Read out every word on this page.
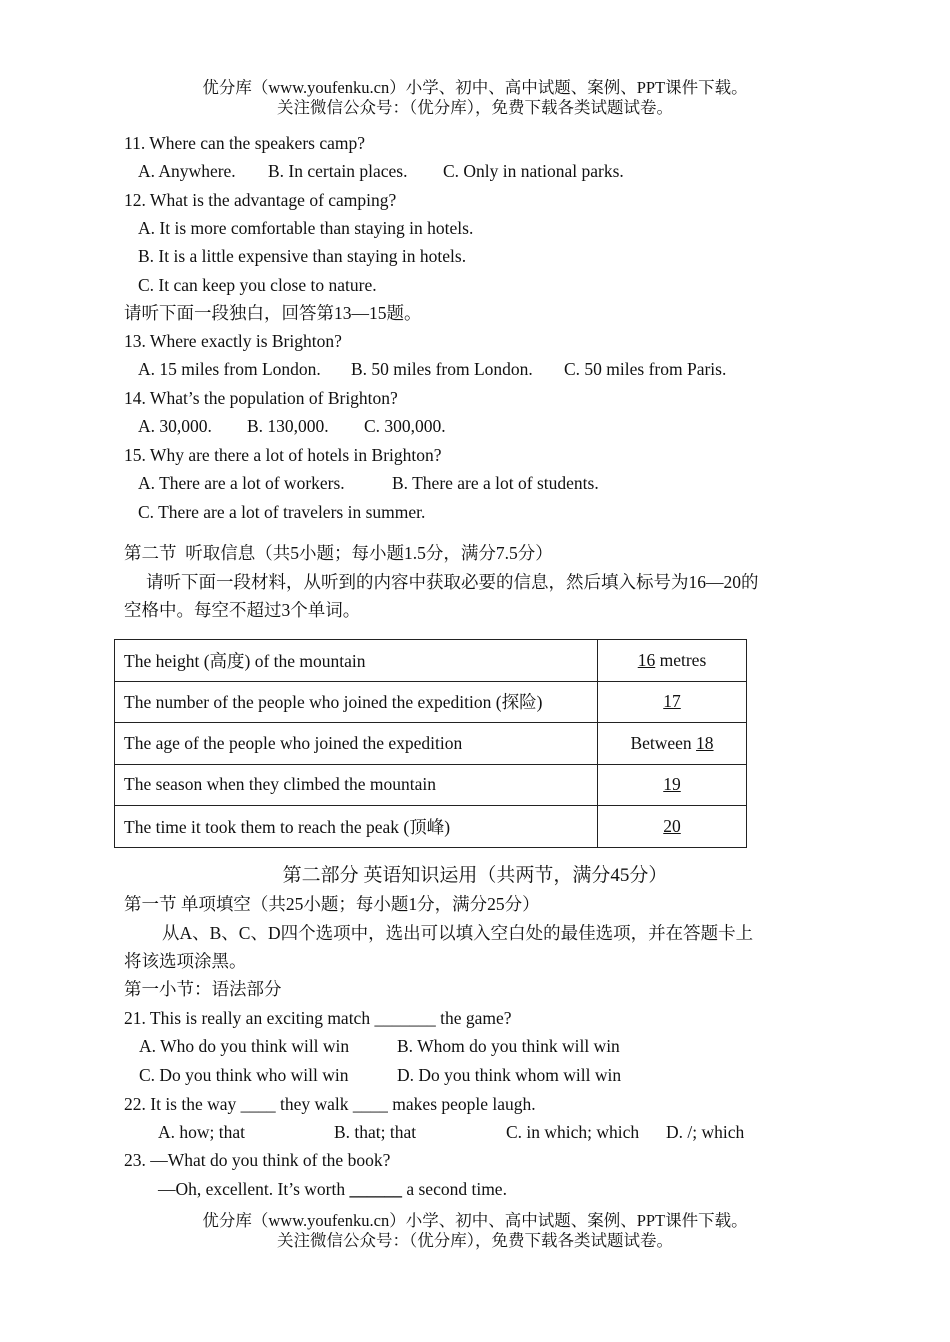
优分库（www.youfenku.cn）小学、初中、高中试题、案例、PPT课件下载。
关注微信公众号：（优分库），免费下载各类试题试卷。
11. Where can the speakers camp?
A. Anywhere. B. In certain places. C. Only in national parks.
12. What is the advantage of camping?
A. It is more comfortable than staying in hotels.
B. It is a little expensive than staying in hotels.
C. It can keep you close to nature.
请听下面一段独白，回答第13—15题。
13. Where exactly is Brighton?
A. 15 miles from London. B. 50 miles from London. C. 50 miles from Paris.
14. What’s the population of Brighton?
A. 30,000. B. 130,000. C. 300,000.
15. Why are there a lot of hotels in Brighton?
A. There are a lot of workers.	B. There are a lot of students.
C. There are a lot of travelers in summer.
第二节  听取信息（共5小题；每小题1.5分，满分7.5分）
请听下面一段材料，从听到的内容中获取必要的信息，然后填入标号为16—20的
空格中。每空不超过3个单词。
The height (高度) of the mountain	16 metres
The number of the people who joined the expedition (探险)	17
The age of the people who joined the expedition	Between 18
The season when they climbed the mountain	19
The time it took them to reach the peak (顶峰)	20
第二部分 英语知识运用（共两节，满分45分）
第一节 单项填空（共25小题；每小题1分，满分25分）
从A、B、C、D四个选项中，选出可以填入空白处的最佳选项，并在答题卡上
将该选项涂黑。
第一小节：语法部分
21. This is really an exciting match _______ the game?
A. Who do you think will win	B. Whom do you think will win
C. Do you think who will win	D. Do you think whom will win
22. It is the way ____ they walk ____ makes people laugh.
A. how; that	B. that; that	C. in which; which D. /; which
23. —What do you think of the book?
—Oh, excellent. It’s worth ______ a second time.
优分库（www.youfenku.cn）小学、初中、高中试题、案例、PPT课件下载。
关注微信公众号：（优分库），免费下载各类试题试卷。
